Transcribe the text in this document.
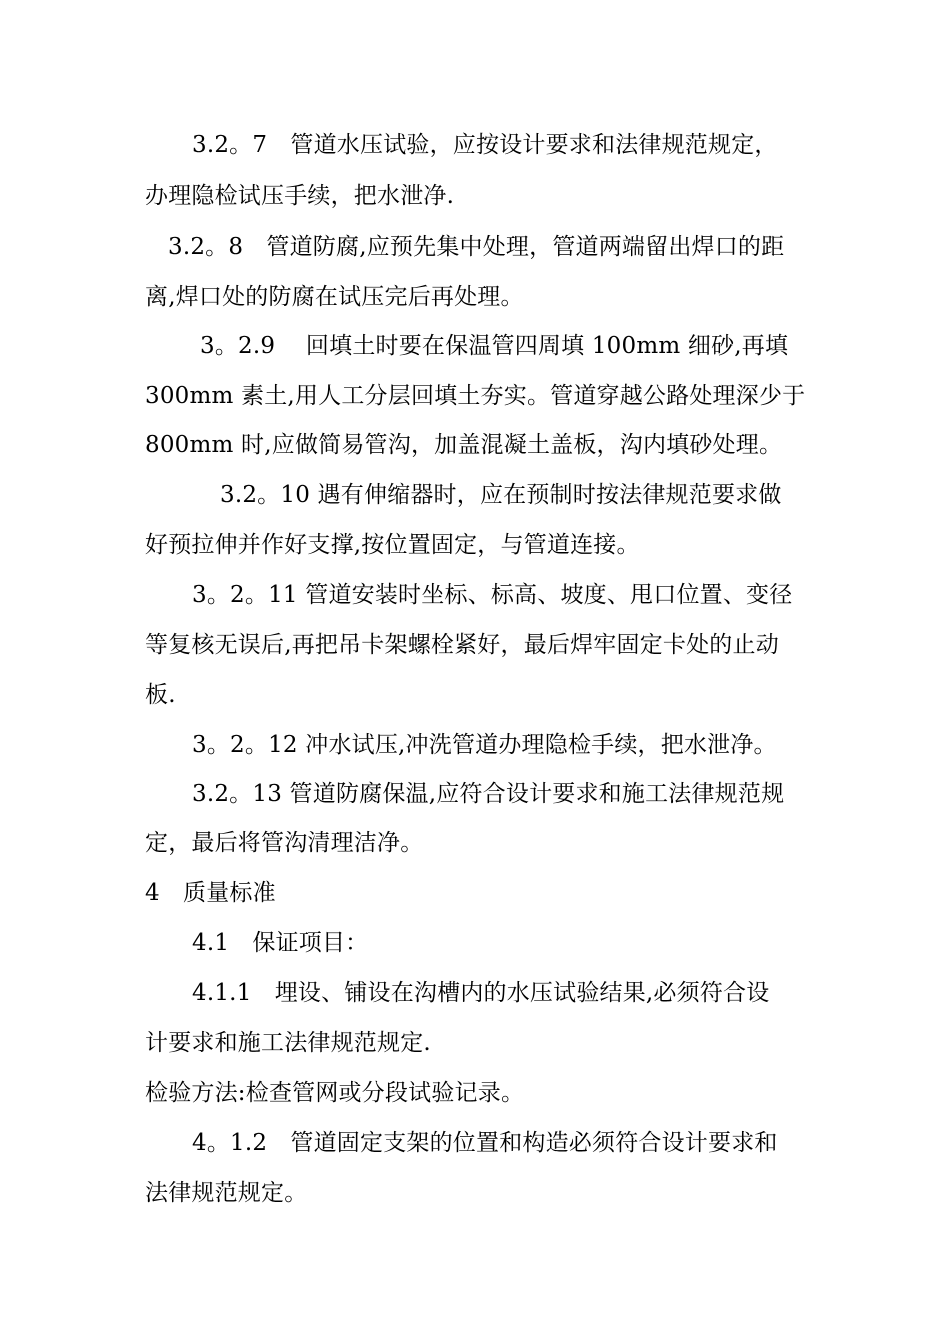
3.2。7　管道水压试验，应按设计要求和法律规范规定，
办理隐检试压手续，把水泄净.
3.2。8　管道防腐,应预先集中处理，管道两端留出焊口的距
离,焊口处的防腐在试压完后再处理。
3。2.9　 回填土时要在保温管四周填 100mm 细砂,再填
300mm 素土,用人工分层回填土夯实。管道穿越公路处理深少于
800mm 时,应做简易管沟，加盖混凝土盖板，沟内填砂处理。
3.2。10 遇有伸缩器时，应在预制时按法律规范要求做
好预拉伸并作好支撑,按位置固定，与管道连接。
3。2。11 管道安装时坐标、标高、坡度、甩口位置、变径
等复核无误后,再把吊卡架螺栓紧好，最后焊牢固定卡处的止动
板.
3。2。12 冲水试压,冲洗管道办理隐检手续，把水泄净。
3.2。13 管道防腐保温,应符合设计要求和施工法律规范规
定，最后将管沟清理洁净。
4　质量标准
4.1　保证项目：
4.1.1　埋设、铺设在沟槽内的水压试验结果,必须符合设
计要求和施工法律规范规定.
检验方法:检查管网或分段试验记录。
4。1.2　管道固定支架的位置和构造必须符合设计要求和
法律规范规定。
